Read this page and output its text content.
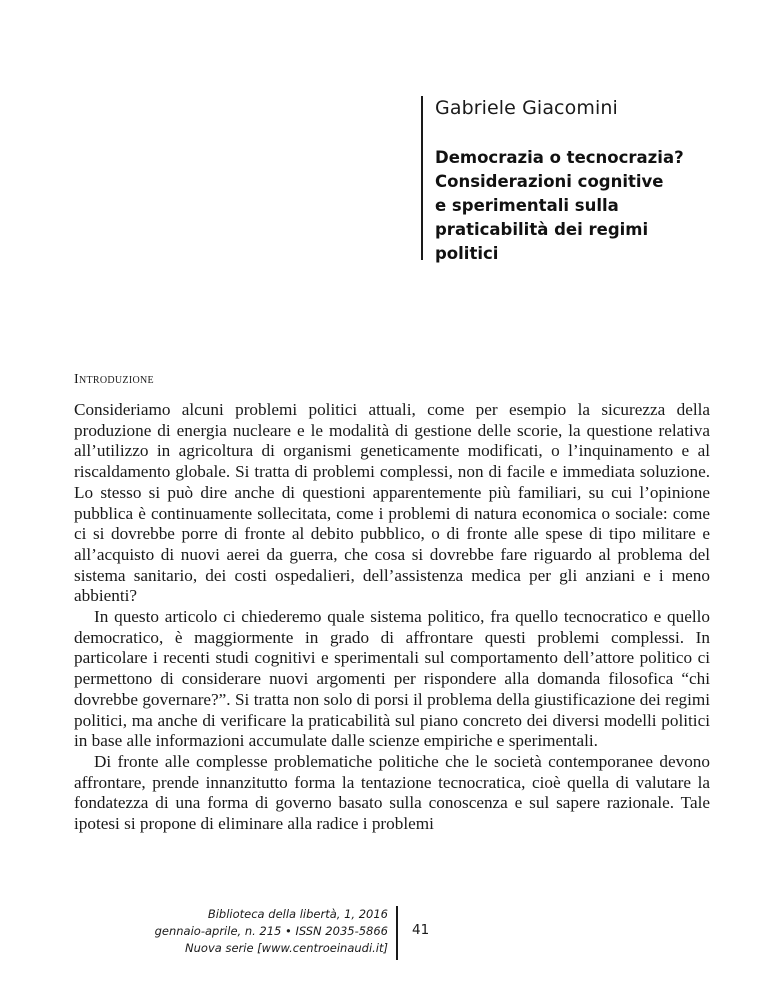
Gabriele Giacomini
Democrazia o tecnocrazia?
Considerazioni cognitive
e sperimentali sulla
praticabilità dei regimi
politici
Introduzione

Consideriamo alcuni problemi politici attuali, come per esempio la sicurezza della produzione di energia nucleare e le modalità di gestione delle scorie, la questione relativa all’utilizzo in agricoltura di organismi geneticamente modificati, o l’inquinamento e al riscaldamento globale. Si tratta di problemi complessi, non di facile e immediata soluzione. Lo stesso si può dire anche di questioni apparentemente più familiari, su cui l’opinione pubblica è continuamente sollecitata, come i problemi di natura economica o sociale: come ci si dovrebbe porre di fronte al debito pubblico, o di fronte alle spese di tipo militare e all’acquisto di nuovi aerei da guerra, che cosa si dovrebbe fare riguardo al problema del sistema sanitario, dei costi ospedalieri, dell’assistenza medica per gli anziani e i meno abbienti?

In questo articolo ci chiederemo quale sistema politico, fra quello tecnocratico e quello democratico, è maggiormente in grado di affrontare questi problemi complessi. In particolare i recenti studi cognitivi e sperimentali sul comportamento dell’attore politico ci permettono di considerare nuovi argomenti per rispondere alla domanda filosofica “chi dovrebbe governare?”. Si tratta non solo di porsi il problema della giustificazione dei regimi politici, ma anche di verificare la praticabilità sul piano concreto dei diversi modelli politici in base alle informazioni accumulate dalle scienze empiriche e sperimentali.

Di fronte alle complesse problematiche politiche che le società contemporanee devono affrontare, prende innanzitutto forma la tentazione tecnocratica, cioè quella di valutare la fondatezza di una forma di governo basato sulla conoscenza e sul sapere razionale. Tale ipotesi si propone di eliminare alla radice i problemi

Biblioteca della libertà, 1, 2016
gennaio-aprile, n. 215 • ISSN 2035-5866
Nuova serie [www.centroeinaudi.it]
41
